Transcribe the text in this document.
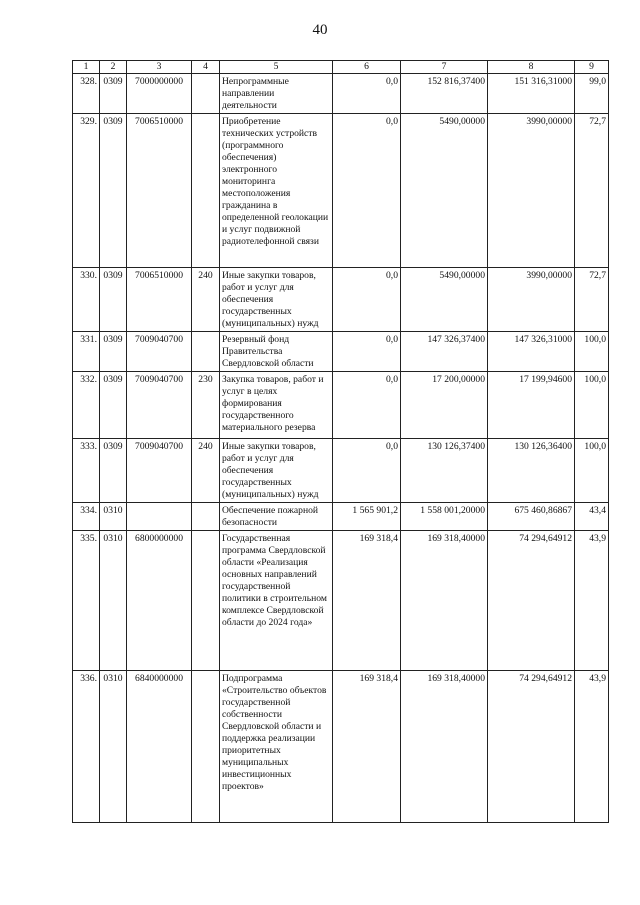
40
1	2	3	4	5	6	7	8	9
328.	0309	7000000000		Непрограммные направлении деятельности	0,0	152 816,37400	151 316,31000	99,0
329.	0309	7006510000		Приобретение технических устройств (программного обеспечения) электронного мониторинга местоположения гражданина в определенной геолокации и услуг подвижной радиотелефонной связи	0,0	5490,00000	3990,00000	72,7
330.	0309	7006510000	240	Иные закупки товаров, работ и услуг для обеспечения государственных (муниципальных) нужд	0,0	5490,00000	3990,00000	72,7
331.	0309	7009040700		Резервный фонд Правительства Свердловской области	0,0	147 326,37400	147 326,31000	100,0
332.	0309	7009040700	230	Закупка товаров, работ и услуг в целях формирования государственного материального резерва	0,0	17 200,00000	17 199,94600	100,0
333.	0309	7009040700	240	Иные закупки товаров, работ и услуг для обеспечения государственных (муниципальных) нужд	0,0	130 126,37400	130 126,36400	100,0
334.	0310			Обеспечение пожарной безопасности	1 565 901,2	1 558 001,20000	675 460,86867	43,4
335.	0310	6800000000		Государственная программа Свердловской области «Реализация основных направлений государственной политики в строительном комплексе Свердловской области до 2024 года»	169 318,4	169 318,40000	74 294,64912	43,9
336.	0310	6840000000		Подпрограмма «Строительство объектов государственной собственности Свердловской области и поддержка реализации приоритетных муниципальных инвестиционных проектов»	169 318,4	169 318,40000	74 294,64912	43,9
